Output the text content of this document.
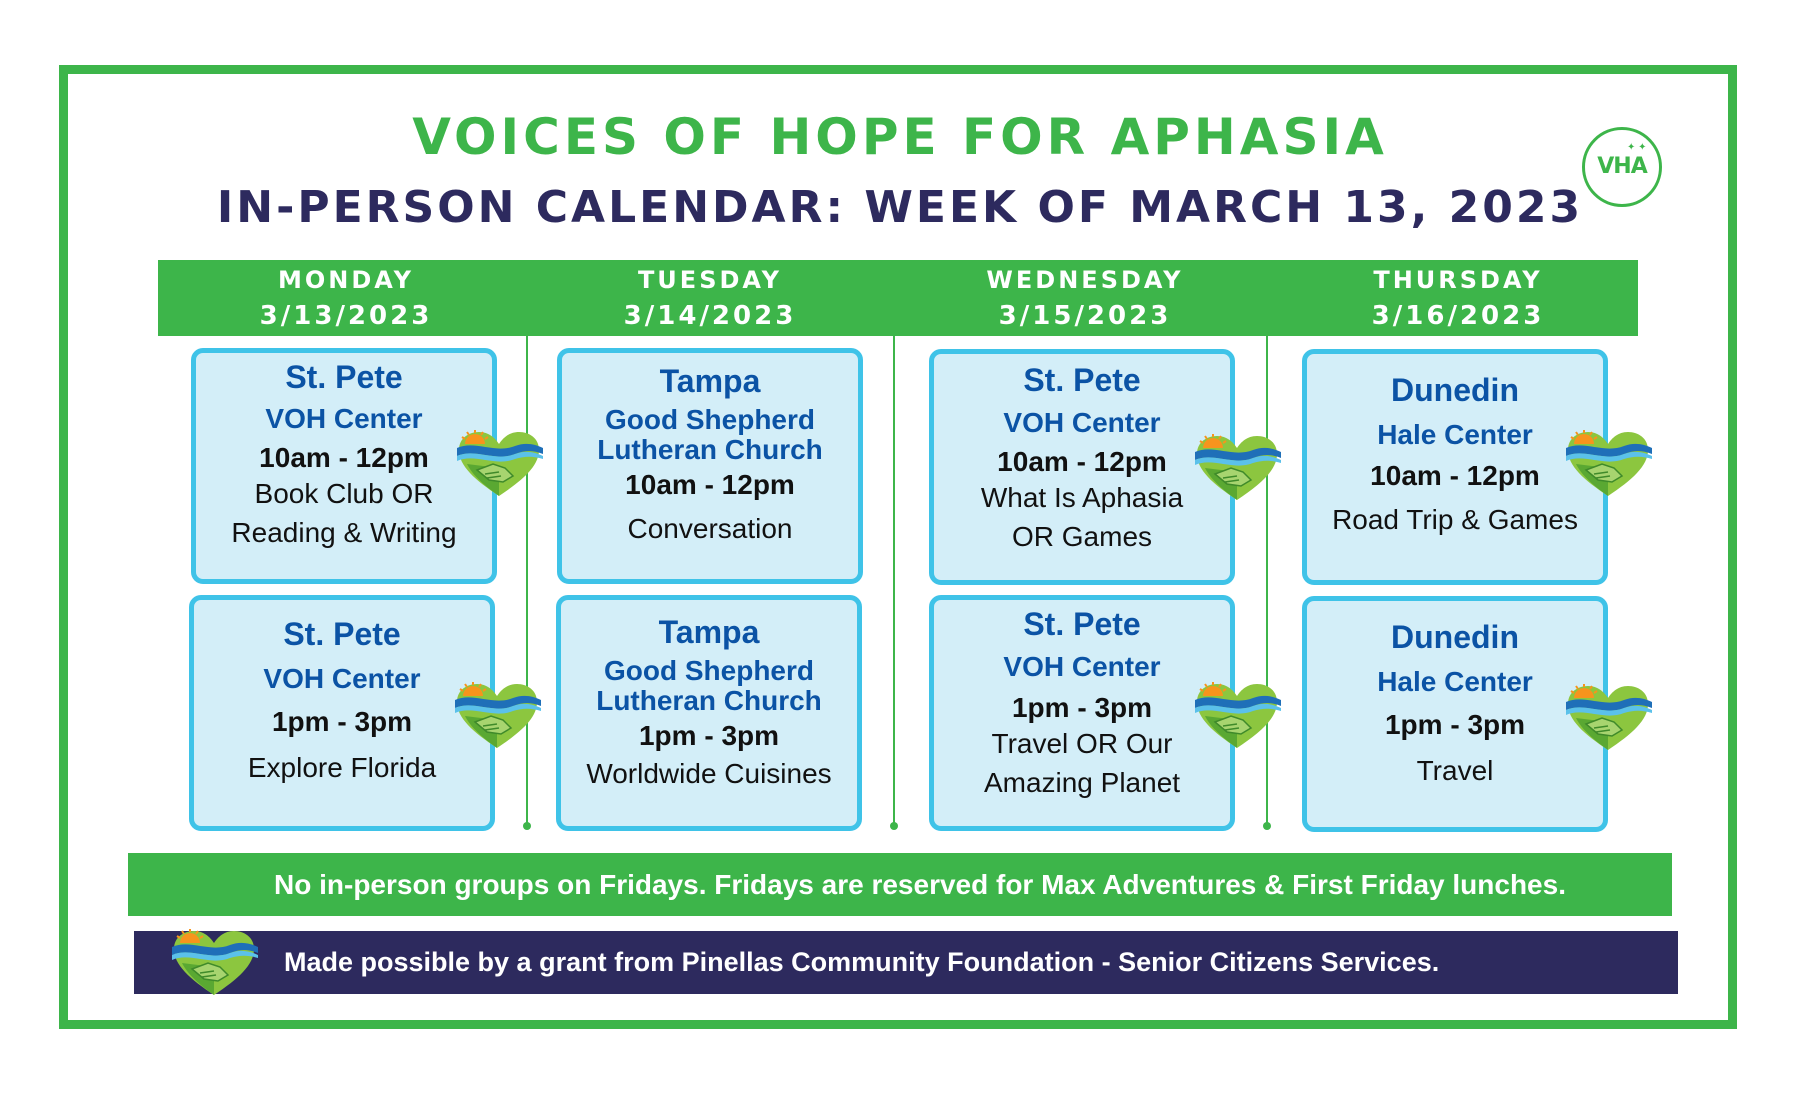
VOICES OF HOPE FOR APHASIA
IN-PERSON CALENDAR: WEEK OF MARCH 13, 2023
✦ ✦
VHA
MONDAY
3/13/2023
TUESDAY
3/14/2023
WEDNESDAY
3/15/2023
THURSDAY
3/16/2023
St. Pete
VOH Center
10am - 12pm
Book Club OR
Reading & Writing
St. Pete
VOH Center
1pm - 3pm
Explore Florida
Tampa
Good Shepherd
Lutheran Church
10am - 12pm
Conversation
Tampa
Good Shepherd
Lutheran Church
1pm - 3pm
Worldwide Cuisines
St. Pete
VOH Center
10am - 12pm
What Is Aphasia
OR Games
St. Pete
VOH Center
1pm - 3pm
Travel OR Our
Amazing Planet
Dunedin
Hale Center
10am - 12pm
Road Trip & Games
Dunedin
Hale Center
1pm - 3pm
Travel
No in-person groups on Fridays. Fridays are reserved for Max Adventures & First Friday lunches.
Made possible by a grant from Pinellas Community Foundation - Senior Citizens Services.
